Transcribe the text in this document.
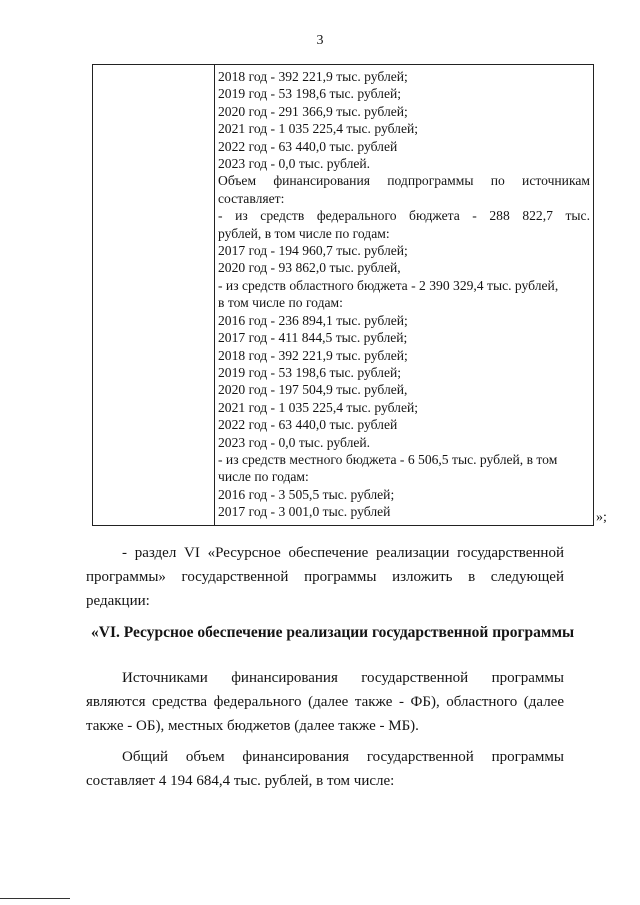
3
2018 год - 392 221,9 тыс. рублей;
2019 год - 53 198,6 тыс. рублей;
2020 год - 291 366,9 тыс. рублей;
2021 год - 1 035 225,4 тыс. рублей;
2022 год - 63 440,0 тыс. рублей
2023 год - 0,0 тыс. рублей.
Объем финансирования подпрограммы по источникам
составляет:
- из средств федерального бюджета - 288 822,7 тыс.
рублей, в том числе по годам:
2017 год - 194 960,7 тыс. рублей;
2020 год - 93 862,0 тыс. рублей,
- из средств областного бюджета - 2 390 329,4 тыс. рублей,
в том числе по годам:
2016 год - 236 894,1 тыс. рублей;
2017 год - 411 844,5 тыс. рублей;
2018 год - 392 221,9 тыс. рублей;
2019 год - 53 198,6 тыс. рублей;
2020 год - 197 504,9 тыс. рублей,
2021 год - 1 035 225,4 тыс. рублей;
2022 год - 63 440,0 тыс. рублей
2023 год - 0,0 тыс. рублей.
- из средств местного бюджета - 6 506,5 тыс. рублей, в том
числе по годам:
2016 год - 3 505,5 тыс. рублей;
2017 год - 3 001,0 тыс. рублей	»;
- раздел VI «Ресурсное обеспечение реализации государственной
программы» государственной программы изложить в следующей
редакции:
«VI. Ресурсное обеспечение реализации государственной программы
Источниками финансирования государственной программы
являются средства федерального (далее также - ФБ), областного (далее
также - ОБ), местных бюджетов (далее также - МБ).
Общий объем финансирования государственной программы
составляет 4 194 684,4 тыс. рублей, в том числе:
